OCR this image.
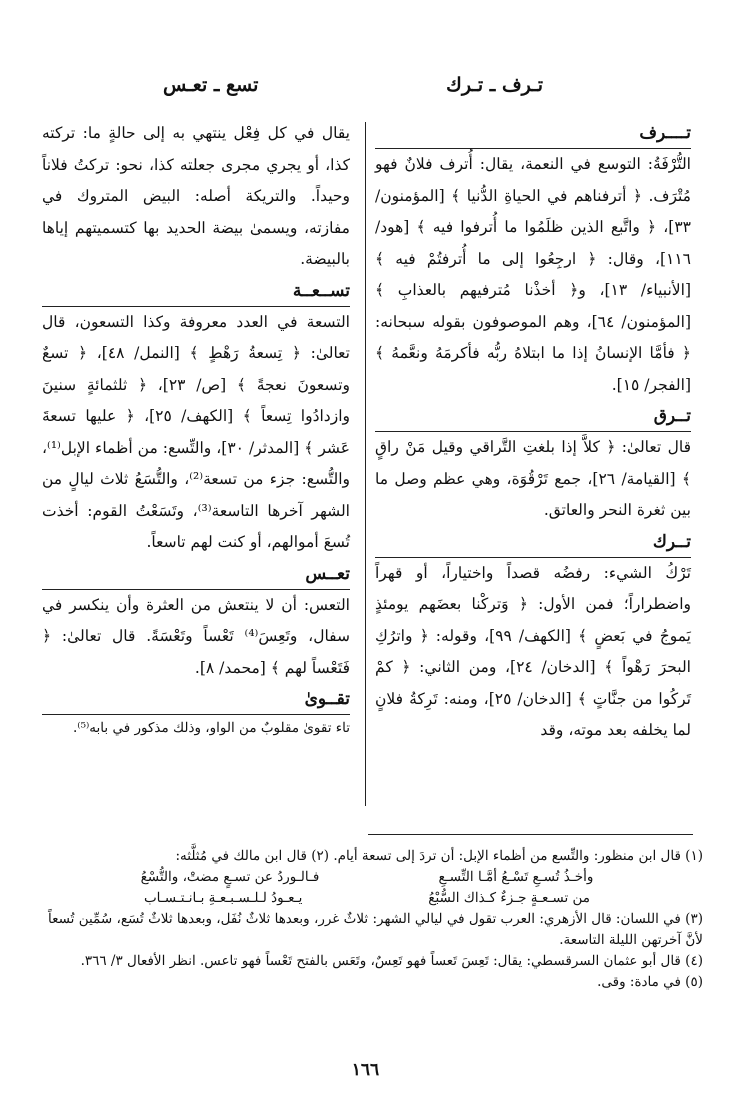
تـرف ـ تـرك
تسع ـ تعـس
تــــرف

التُّرْفَةُ: التوسع في النعمة، يقال: أُترف فلانٌ فهو مُتْرَف. ﴿ أترفناهم في الحياةِ الدُّنيا ﴾ [المؤمنون/ ٣٣]، ﴿ واتَّبع الذين ظلَمُوا ما أُترفوا فيه ﴾ [هود/ ١١٦]، وقال: ﴿ ارجِعُوا إلى ما أُترفتُمْ فيه ﴾ [الأنبياء/ ١٣]، و﴿ أخذْنا مُترفيهم بالعذابِ ﴾ [المؤمنون/ ٦٤]، وهم الموصوفون بقوله سبحانه: ﴿ فأمَّا الإنسانُ إذا ما ابتلاهُ ربُّه فأكرمَهُ ونعَّمهُ ﴾ [الفجر/ ١٥].

تــرق

قال تعالىٰ: ﴿ كلاَّ إذا بلغتِ التَّراقي وقيل مَنْ راقٍ ﴾ [القيامة/ ٢٦]، جمع تَرْقُوَة، وهي عظم وصل ما بين ثغرة النحر والعاتق.

تــرك

تَرْكُ الشيء: رفضُه قصداً واختياراً، أو قهراً واضطراراً؛ فمن الأول: ﴿ وَتركْنا بعضَهم يومئذٍ يَموجُ في بَعضٍ ﴾ [الكهف/ ٩٩]، وقوله: ﴿ واترُكِ البحرَ رَهْواً ﴾ [الدخان/ ٢٤]، ومن الثاني: ﴿ كمْ تَركُوا من جنَّاتٍ ﴾ [الدخان/ ٢٥]، ومنه: تَرِكةُ فلانٍ لما يخلفه بعد موته، وقد

يقال في كل فِعْل ينتهي به إلى حالةٍ ما: تركته كذا، أو يجري مجرى جعلته كذا، نحو: تركتُ فلاناً وحيداً. والتريكة أصله: البيض المتروك في مفازته، ويسمىٰ بيضة الحديد بها كتسميتهم إياها بالبيضة.

تســعــة

التسعة في العدد معروفة وكذا التسعون، قال تعالىٰ: ﴿ تِسعةُ رَهْطٍ ﴾ [النمل/ ٤٨]، ﴿ تسعٌ وتسعونَ نعجةً ﴾ [ص/ ٢٣]، ﴿ ثلثمائةٍ سنينَ وازدادُوا تِسعاً ﴾ [الكهف/ ٢٥]، ﴿ عليها تسعةَ عَشر ﴾ [المدثر/ ٣٠]، والتِّسع: من أظماء الإبل⁽¹⁾، والتُّسع: جزء من تسعة⁽²⁾، والتُّسَعُ ثلاث ليالٍ من الشهر آخرها التاسعة⁽³⁾، وتَسَعْتُ القوم: أخذت تُسعَ أموالهم، أو كنت لهم تاسعاً.

تعــس

التعس: أن لا ينتعش من العثرة وأن ينكسر في سفال، وتَعِسَ⁽⁴⁾ تَعْساً وتَعْسَةً. قال تعالىٰ: ﴿ فَتَعْساً لهم ﴾ [محمد/ ٨].

تقــوىٰ

تاء تقوىٰ مقلوبٌ من الواو، وذلك مذكور في بابه⁽⁵⁾.

(١) قال ابن منظور: والتِّسع من أظماء الإبل: أن تردَ إلى تسعة أيام. (٢) قال ابن مالك في مُثلَّثه:

وأخـذُ تُسـعِ تَسْـعُ أمَّـا التِّسـعِ
فـالـوردُ عن تسـعٍ مضتْ، والتُّسْعُ
من تسـعـةٍ جـزءٌ كـذاك السُّبْعُ
يـعـودُ لـلـسـبـعـةِ بـانـتـسـاب

(٣) في اللسان: قال الأزهري: العرب تقول في ليالي الشهر: ثلاثٌ غرر، وبعدها ثلاثٌ نُفَل، وبعدها ثلاثٌ تُسَع، سُمِّين تُسعاً لأنَّ آخرتهن الليلة التاسعة.

(٤) قال أبو عثمان السرقسطي: يقال: تَعِسَ تَعساً فهو تَعِسٌ، وتَعَس بالفتح تَعْساً فهو تاعس. انظر الأفعال ٣/ ٣٦٦.

(٥) في مادة: وقى.

١٦٦
